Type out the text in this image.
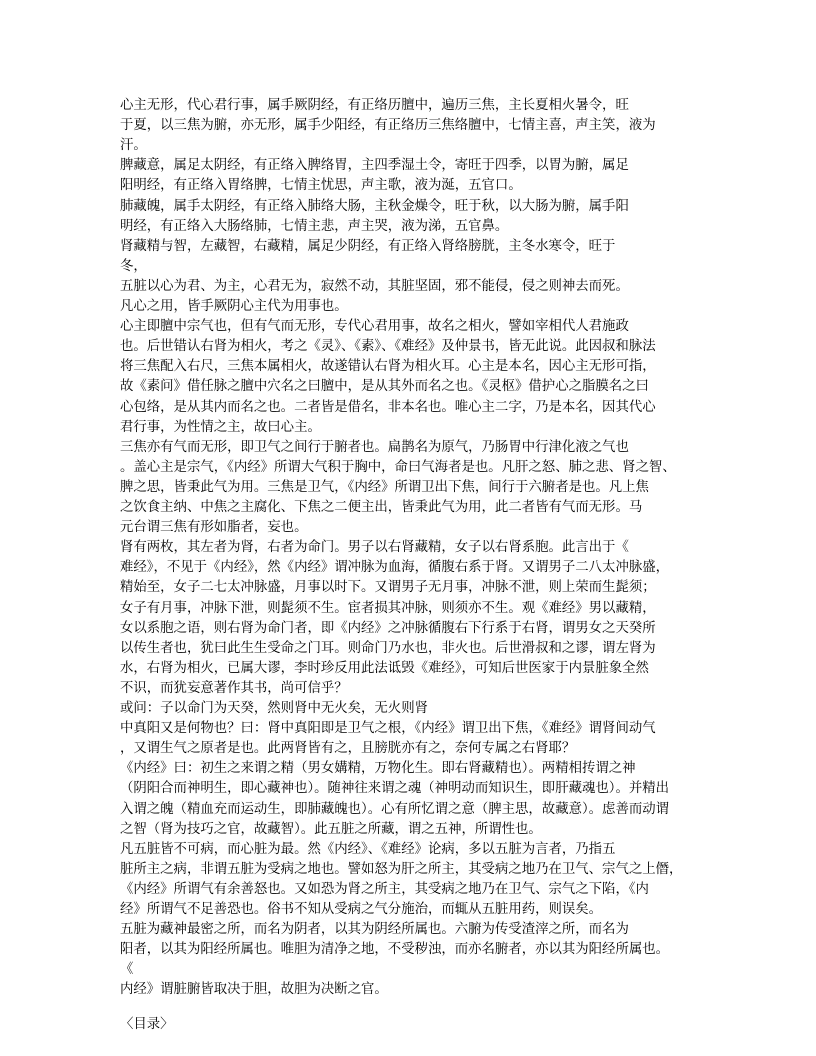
心主无形，代心君行事，属手厥阴经，有正络历膻中，遍历三焦，主长夏相火暑令，旺

于夏，以三焦为腑，亦无形，属手少阳经，有正络历三焦络膻中，七情主喜，声主笑，液为

汗。

脾藏意，属足太阴经，有正络入脾络胃，主四季湿土令，寄旺于四季，以胃为腑，属足

阳明经，有正络入胃络脾，七情主忧思，声主歌，液为涎，五官口。

肺藏魄，属手太阴经，有正络入肺络大肠，主秋金燥令，旺于秋，以大肠为腑，属手阳

明经，有正络入大肠络肺，七情主悲，声主哭，液为涕，五官鼻。

肾藏精与智，左藏智，右藏精，属足少阴经，有正络入肾络膀胱，主冬水寒令，旺于

冬，

五脏以心为君、为主，心君无为，寂然不动，其脏坚固，邪不能侵，侵之则神去而死。

凡心之用，皆手厥阴心主代为用事也。

心主即膻中宗气也，但有气而无形，专代心君用事，故名之相火，譬如宰相代人君施政

也。后世错认右肾为相火，考之《灵》、《素》、《难经》及仲景书，皆无此说。此因叔和脉法

将三焦配入右尺，三焦本属相火，故遂错认右肾为相火耳。心主是本名，因心主无形可指，

故《素问》借任脉之膻中穴名之曰膻中，是从其外而名之也。《灵枢》借护心之脂膜名之曰

心包络，是从其内而名之也。二者皆是借名，非本名也。唯心主二字，乃是本名，因其代心

君行事，为性情之主，故曰心主。

三焦亦有气而无形，即卫气之间行于腑者也。扁鹊名为原气，乃肠胃中行津化液之气也

。盖心主是宗气，《内经》所谓大气积于胸中，命曰气海者是也。凡肝之怒、肺之悲、肾之智、

脾之思，皆秉此气为用。三焦是卫气，《内经》所谓卫出下焦，间行于六腑者是也。凡上焦

之饮食主纳、中焦之主腐化、下焦之二便主出，皆秉此气为用，此二者皆有气而无形。马

元台谓三焦有形如脂者，妄也。

肾有两枚，其左者为肾，右者为命门。男子以右肾藏精，女子以右肾系胞。此言出于《

难经》，不见于《内经》，然《内经》谓冲脉为血海，循腹右系于肾。又谓男子二八太冲脉盛，

精始至，女子二七太冲脉盛，月事以时下。又谓男子无月事，冲脉不泄，则上荣而生髭须；

女子有月事，冲脉下泄，则髭须不生。宦者损其冲脉，则须亦不生。观《难经》男以藏精，

女以系胞之语，则右肾为命门者，即《内经》之冲脉循腹右下行系于右肾，谓男女之天癸所

以传生者也，犹曰此生生受命之门耳。则命门乃水也，非火也。后世滑叔和之谬，谓左肾为

水，右肾为相火，已属大谬，李时珍反用此法诋毁《难经》，可知后世医家于内景脏象全然

不识，而犹妄意著作其书，尚可信乎？

或问：子以命门为天癸，然则肾中无火矣，无火则肾

中真阳又是何物也？曰：肾中真阳即是卫气之根，《内经》谓卫出下焦，《难经》谓肾间动气

，又谓生气之原者是也。此两肾皆有之，且膀胱亦有之，奈何专属之右肾耶？

《内经》曰：初生之来谓之精（男女媾精，万物化生。即右肾藏精也）。两精相抟谓之神

（阴阳合而神明生，即心藏神也）。随神往来谓之魂（神明动而知识生，即肝藏魂也）。并精出

入谓之魄（精血充而运动生，即肺藏魄也）。心有所忆谓之意（脾主思，故藏意）。虑善而动谓

之智（肾为技巧之官，故藏智）。此五脏之所藏，谓之五神，所谓性也。

凡五脏皆不可病，而心脏为最。然《内经》、《难经》论病，多以五脏为言者，乃指五

脏所主之病，非谓五脏为受病之地也。譬如怒为肝之所主，其受病之地乃在卫气、宗气之上僭，

《内经》所谓气有余善怒也。又如恐为肾之所主，其受病之地乃在卫气、宗气之下陷，《内

经》所谓气不足善恐也。俗书不知从受病之气分施治，而辄从五脏用药，则误矣。

五脏为藏神最密之所，而名为阴者，以其为阴经所属也。六腑为传受渣滓之所，而名为

阳者，以其为阳经所属也。唯胆为清净之地，不受秽浊，而亦名腑者，亦以其为阳经所属也。

《

内经》谓脏腑皆取决于胆，故胆为决断之官。

〈目录〉
